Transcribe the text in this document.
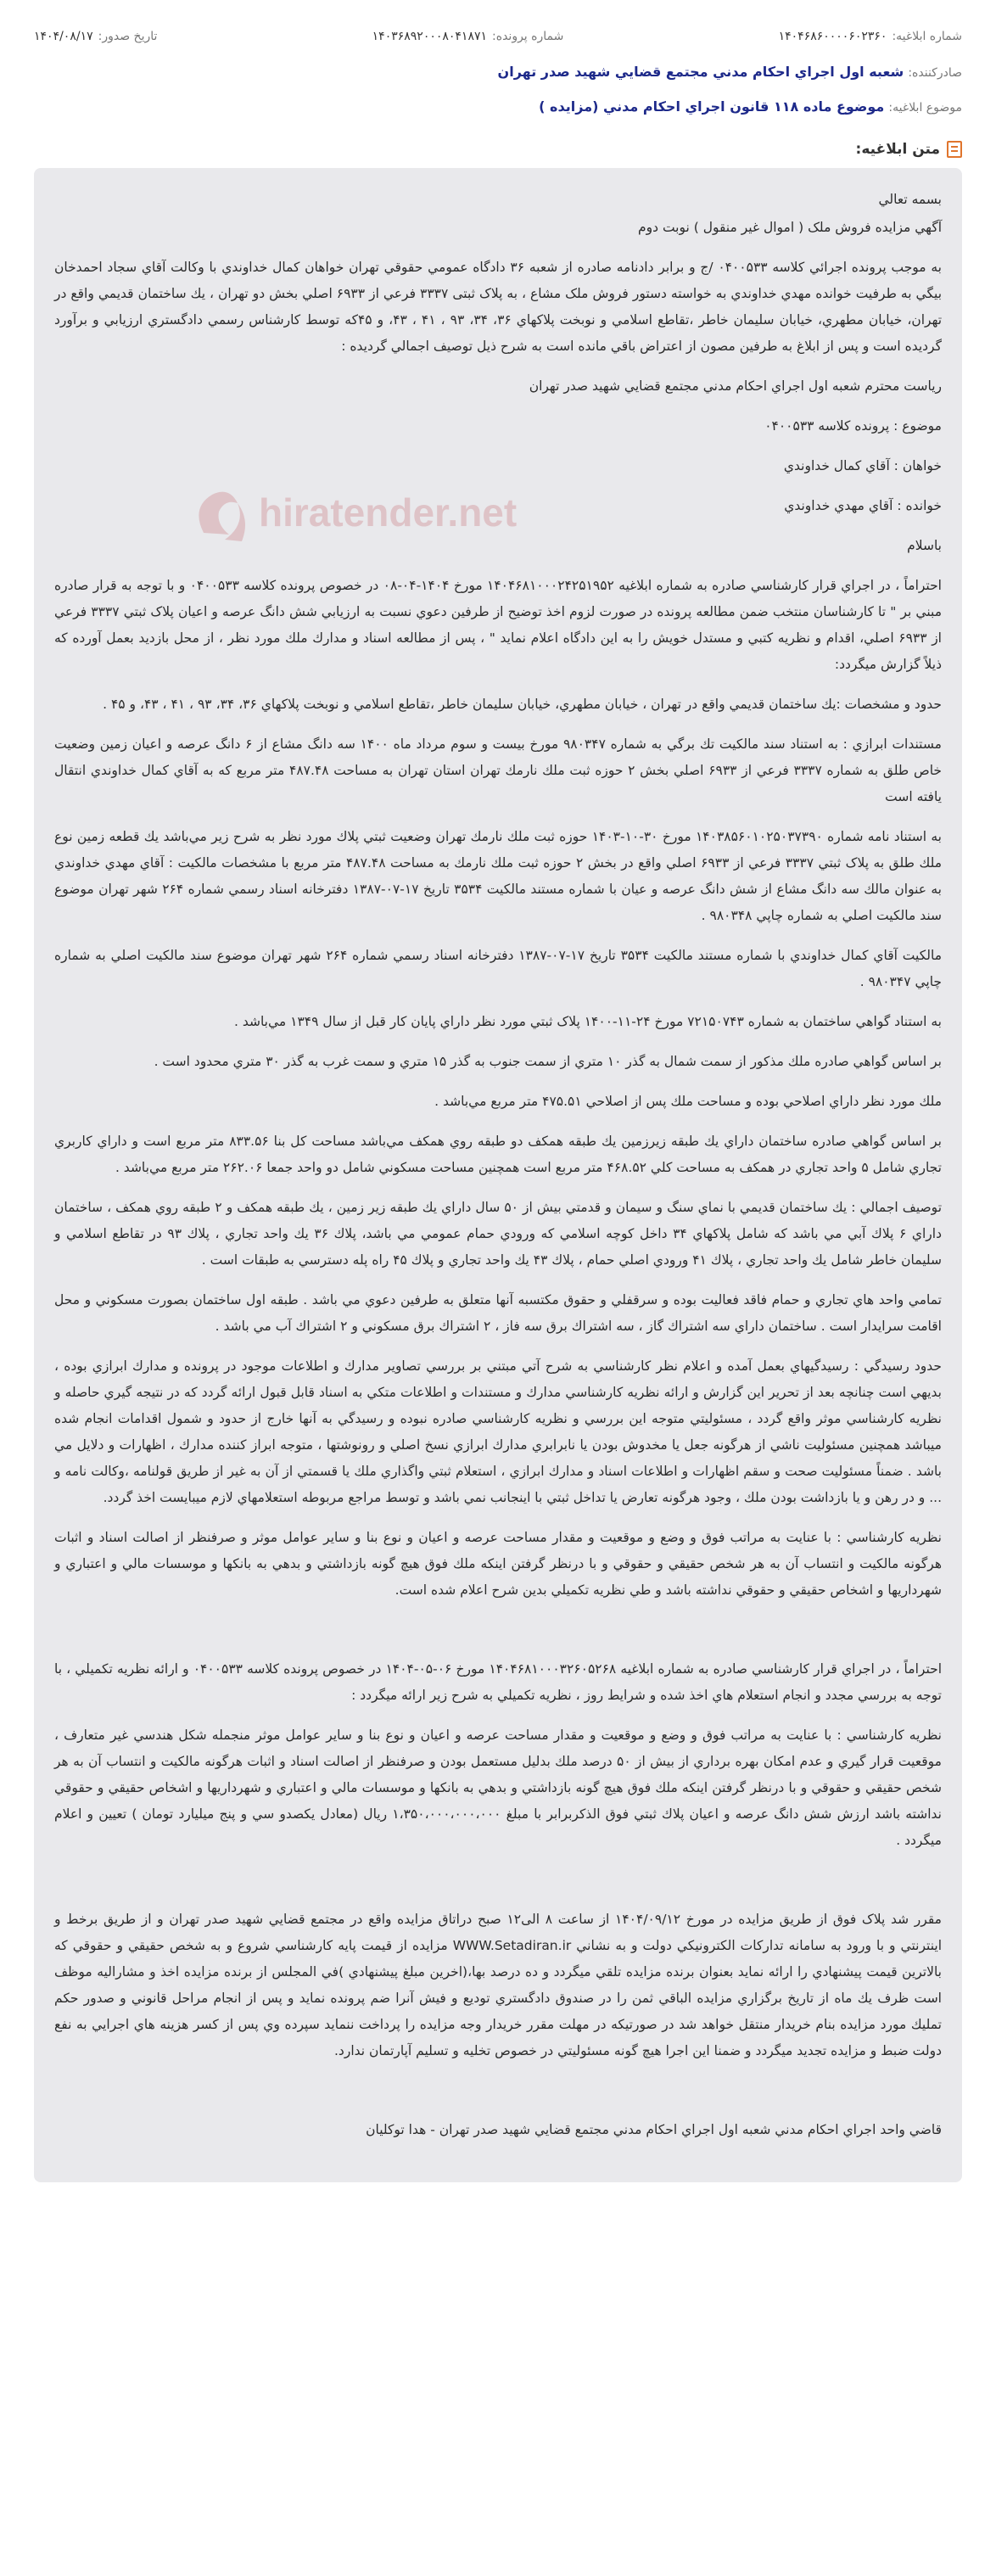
شماره ابلاغيه:
۱۴۰۴۶۸۶۰۰۰۰۶۰۲۳۶۰
شماره پرونده:
۱۴۰۳۶۸۹۲۰۰۰۸۰۴۱۸۷۱
تاريخ صدور:
۱۴۰۴/۰۸/۱۷
صادرکننده: شعبه اول اجراي احكام مدني مجتمع قضايي شهيد صدر تهران
موضوع ابلاغيه: موضوع ماده ۱۱۸ قانون اجراي احكام مدني (مزايده )
متن ابلاغیه:
hiratender.net

بسمه تعالي

آگهي مزايده فروش ملک ( اموال غير منقول ) نوبت دوم

به موجب پرونده اجرائي كلاسه ۰۴۰۰۵۳۳ /ج و برابر دادنامه صادره از شعبه ۳۶ دادگاه عمومي حقوقي تهران خواهان كمال خداوندي با وكالت آقاي سجاد احمدخان بيگي به طرفيت خوانده مهدي خداوندي به خواسته دستور فروش ملک مشاع ، به پلاک ثبتی ۳۳۳۷ فرعي از ۶۹۳۳ اصلي بخش دو تهران ، يك ساختمان قديمي واقع در تهران، خيابان مطهري، خيابان سليمان خاطر ،تقاطع اسلامي و نوبخت پلاکهاي ۳۶، ۳۴، ۹۳ ، ۴۱ ، ۴۳، و ۴۵که توسط كارشناس رسمي دادگستري ارزيابي و برآورد گرديده است و پس از ابلاغ به طرفين مصون از اعتراض باقي مانده است به شرح ذيل توصيف اجمالي گرديده :

رياست محترم شعبه اول اجراي احكام مدني مجتمع قضايي شهيد صدر تهران

موضوع : پرونده كلاسه ۰۴۰۰۵۳۳

خواهان : آقاي كمال خداوندي

خوانده : آقاي مهدي خداوندي

باسلام

احتراماً ، در اجراي قرار كارشناسي صادره به شماره ابلاغيه ۱۴۰۴۶۸۱۰۰۰۲۴۲۵۱۹۵۲ مورخ ۱۴۰۴-۰۴-۰۸ در خصوص پرونده كلاسه ۰۴۰۰۵۳۳ و با توجه به قرار صادره مبني بر " تا كارشناسان منتخب ضمن مطالعه پرونده در صورت لزوم اخذ توضيح از طرفين دعوي نسبت به ارزيابي شش دانگ عرصه و اعيان پلاک ثبتي ۳۳۳۷ فرعي از ۶۹۳۳ اصلي، اقدام و نظريه كتبي و مستدل خويش را به اين دادگاه اعلام نمايد " ، پس از مطالعه اسناد و مدارك ملك مورد نظر ، از محل بازديد بعمل آورده كه ذيلاً گزارش ميگردد:

حدود و مشخصات :يك ساختمان قديمي واقع در تهران ، خيابان مطهري، خيابان سليمان خاطر ،تقاطع اسلامي و نوبخت پلاکهاي ۳۶، ۳۴، ۹۳ ، ۴۱ ، ۴۳، و ۴۵ .

مستندات ابرازي : به استناد سند مالكيت تك برگي به شماره ۹۸۰۳۴۷ مورخ بيست و سوم مرداد ماه ۱۴۰۰ سه دانگ مشاع از ۶ دانگ عرصه و اعيان زمين وضعيت خاص طلق به شماره ۳۳۳۷ فرعي از ۶۹۳۳ اصلي بخش ۲ حوزه ثبت ملك نارمك تهران استان تهران به مساحت ۴۸۷.۴۸ متر مربع كه به آقاي كمال خداوندي انتقال يافته است

به استناد نامه شماره ۱۴۰۳۸۵۶۰۱۰۲۵۰۳۷۳۹۰ مورخ ۳۰-۱۰-۱۴۰۳ حوزه ثبت ملك نارمك تهران وضعيت ثبتي پلاك مورد نظر به شرح زير مي‌باشد يك قطعه زمين نوع ملك طلق به پلاک ثبتي ۳۳۳۷ فرعي از ۶۹۳۳ اصلي واقع در بخش ۲ حوزه ثبت ملك نارمك به مساحت ۴۸۷.۴۸ متر مربع با مشخصات مالكيت : آقاي مهدي خداوندي به عنوان مالك سه دانگ مشاع از شش دانگ عرصه و عيان با شماره مستند مالكيت ۳۵۳۴ تاريخ ۱۷-۰۷-۱۳۸۷ دفترخانه اسناد رسمي شماره ۲۶۴ شهر تهران موضوع سند مالكيت اصلي به شماره چاپي ۹۸۰۳۴۸ .

مالكيت آقاي كمال خداوندي با شماره مستند مالكيت ۳۵۳۴ تاريخ ۱۷-۰۷-۱۳۸۷ دفترخانه اسناد رسمي شماره ۲۶۴ شهر تهران موضوع سند مالكيت اصلي به شماره چاپي ۹۸۰۳۴۷ .

به استناد گواهي ساختمان به شماره ۷۲۱۵۰۷۴۳ مورخ ۲۴-۱۱-۱۴۰۰ پلاک ثبتي مورد نظر داراي پايان كار قبل از سال ۱۳۴۹ مي‌باشد .

بر اساس گواهي صادره ملك مذكور از سمت شمال به گذر ۱۰ متري از سمت جنوب به گذر ۱۵ متري و سمت غرب به گذر ۳۰ متري محدود است .

ملك مورد نظر داراي اصلاحي بوده و مساحت ملك پس از اصلاحي ۴۷۵.۵۱ متر مربع مي‌باشد .

بر اساس گواهي صادره ساختمان داراي يك طبقه زيرزمين يك طبقه همكف دو طبقه روي همكف مي‌باشد مساحت كل بنا ۸۳۳.۵۶ متر مربع است و داراي كاربري تجاري شامل ۵ واحد تجاري در همكف به مساحت كلي ۴۶۸.۵۲ متر مربع است همچنين مساحت مسكوني شامل دو واحد جمعا ۲۶۲.۰۶ متر مربع مي‌باشد .

توصيف اجمالي : يك ساختمان قديمي با نماي سنگ و سيمان و قدمتي بيش از ۵۰ سال داراي يك طبقه زير زمين ، يك طبقه همكف و ۲ طبقه روي همكف ، ساختمان داراي ۶ پلاك آبي مي باشد كه شامل پلاكهاي ۳۴ داخل كوچه اسلامي كه ورودي حمام عمومي مي باشد، پلاك ۳۶ يك واحد تجاري ، پلاك ۹۳ در تقاطع اسلامي و سليمان خاطر شامل يك واحد تجاري ، پلاك ۴۱ ورودي اصلي حمام ، پلاك ۴۳ يك واحد تجاري و پلاك ۴۵ راه پله دسترسي به طبقات است .

تمامي واحد هاي تجاري و حمام فاقد فعاليت بوده و سرقفلي و حقوق مكتسبه آنها متعلق به طرفين دعوي مي باشد . طبقه اول ساختمان بصورت مسكوني و محل اقامت سرايدار است . ساختمان داراي سه اشتراك گاز ، سه اشتراك برق سه فاز ، ۲ اشتراك برق مسكوني و ۲ اشتراك آب مي باشد .

حدود رسيدگي : رسيدگيهاي بعمل آمده و اعلام نظر كارشناسي به شرح آتي مبتني بر بررسي تصاوير مدارك و اطلاعات موجود در پرونده و مدارك ابرازي بوده ، بديهي است چنانچه بعد از تحرير اين گزارش و ارائه نظريه كارشناسي مدارك و مستندات و اطلاعات متكي به اسناد قابل قبول ارائه گردد كه در نتيجه گيري حاصله و نظريه كارشناسي موثر واقع گردد ، مسئوليتي متوجه اين بررسي و نظريه كارشناسي صادره نبوده و رسيدگي به آنها خارج از حدود و شمول اقدامات انجام شده ميباشد همچنين مسئوليت ناشي از هرگونه جعل يا مخدوش بودن يا نابرابري مدارك ابرازي نسخ اصلي و رونوشتها ، متوجه ابراز كننده مدارك ، اظهارات و دلايل مي باشد . ضمناً مسئوليت صحت و سقم اظهارات و اطلاعات اسناد و مدارك ابرازي ، استعلام ثبتي واگذاري ملك يا قسمتي از آن به غير از طريق قولنامه ،وكالت نامه و ... و در رهن و يا بازداشت بودن ملك ، وجود هرگونه تعارض يا تداخل ثبتي با اينجانب نمي باشد و توسط مراجع مربوطه استعلامهاي لازم ميبايست اخذ گردد.

نظريه كارشناسي : با عنايت به مراتب فوق و وضع و موقعيت و مقدار مساحت عرصه و اعيان و نوع بنا و ساير عوامل موثر و صرفنظر از اصالت اسناد و اثبات هرگونه مالكيت و انتساب آن به هر شخص حقيقي و حقوقي و با درنظر گرفتن اينكه ملك فوق هيچ گونه بازداشتي و بدهي به بانكها و موسسات مالي و اعتباري و شهرداريها و اشخاص حقيقي و حقوقي نداشته باشد و طي نظريه تكميلي بدين شرح اعلام شده است.

احتراماً ، در اجراي قرار كارشناسي صادره به شماره ابلاغيه ۱۴۰۴۶۸۱۰۰۰۳۲۶۰۵۲۶۸ مورخ ۰۶-۰۵-۱۴۰۴ در خصوص پرونده كلاسه ۰۴۰۰۵۳۳ و ارائه نظريه تكميلي ، با توجه به بررسي مجدد و انجام استعلام هاي اخذ شده و شرايط روز ، نظريه تكميلي به شرح زير ارائه ميگردد :

نظريه كارشناسي : با عنايت به مراتب فوق و وضع و موقعيت و مقدار مساحت عرصه و اعيان و نوع بنا و ساير عوامل موثر منجمله شكل هندسي غير متعارف ، موقعيت قرار گيري و عدم امكان بهره برداري از بيش از ۵۰ درصد ملك بدليل مستعمل بودن و صرفنظر از اصالت اسناد و اثبات هرگونه مالكيت و انتساب آن به هر شخص حقيقي و حقوقي و با درنظر گرفتن اينكه ملك فوق هيچ گونه بازداشتي و بدهي به بانكها و موسسات مالي و اعتباري و شهرداريها و اشخاص حقيقي و حقوقي نداشته باشد ارزش شش دانگ عرصه و اعيان پلاك ثبتي فوق الذكربرابر با مبلغ ۱،۳۵۰،۰۰۰،۰۰۰،۰۰۰ ريال (معادل يكصدو سي و پنج ميليارد تومان ) تعيين و اعلام ميگردد .

مقرر شد پلاک فوق از طريق مزايده در مورخ ۱۴۰۴/۰۹/۱۲ از ساعت ۸ الی۱۲ صبح دراتاق مزايده واقع در مجتمع قضايي شهيد صدر تهران و از طريق برخط و اينترنتي و با ورود به سامانه تداركات الكترونيكي دولت و به نشاني WWW.Setadiran.ir مزايده از قيمت پايه كارشناسي شروع و به شخص حقيقي و حقوقي كه بالاترين قيمت پيشنهادي را ارائه نمايد بعنوان برنده مزايده تلقي ميگردد و ده درصد بها،(اخرين مبلغ پيشنهادي )في المجلس از برنده مزايده اخذ و مشاراليه موظف است ظرف يك ماه از تاريخ برگزاري مزايده الباقي ثمن را در صندوق دادگستري توديع و فيش آنرا ضم پرونده نمايد و پس از انجام مراحل قانوني و صدور حكم تمليك مورد مزايده بنام خريدار منتقل خواهد شد در صورتيكه در مهلت مقرر خريدار وجه مزايده را پرداخت ننمايد سپرده وي پس از كسر هزينه هاي اجرايي به نفع دولت ضبط و مزايده تجديد ميگردد و ضمنا اين اجرا هيچ گونه مسئوليتي در خصوص تخليه و تسليم آپارتمان ندارد.

قاضي واحد اجراي احكام مدني شعبه اول اجراي احكام مدني مجتمع قضايي شهيد صدر تهران - هدا توكليان
